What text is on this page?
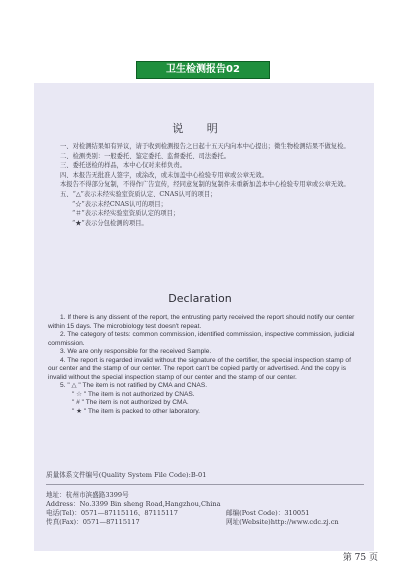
卫生检测报告02
说 明

一、对检测结果如有异议，请于收到检测报告之日起十五天内向本中心提出；微生物检测结果不做复检。

二、检测类别：一般委托、鉴定委托、监督委托、司法委托。

三、委托送检的样品，本中心仅对来样负责。

四、本报告无批准人签字，或涂改，或未加盖中心检验专用章或公章无效。

本报告不得部分复制，不得作广告宣传，经同意复制的复制件未重新加盖本中心检验专用章或公章无效。

五、“△”表示未经实验室资质认定、CNAS认可的项目；

“☆”表示未经CNAS认可的项目；

“＃”表示未经实验室资质认定的项目；

“★”表示分包检测的项目。

Declaration

1. If there is any dissent of the report, the entrusting party received the report should notify our center within 15 days. The microbiology test doesn't repeat.

2. The category of tests: common commission, identified commission, inspective commission, judicial commission.

3. We are only responsible for the received Sample.

4. The report is regarded invalid without the signature of the certifier, the special inspection stamp of our center and the stamp of our center. The report can't be copied partly or advertised. And the copy is invalid without the special inspection stamp of our center and the stamp of our center.

5. " △ " The item is not ratified by CMA and CNAS.

" ☆ " The item is not authorized by CNAS.

" # " The item is not authorized by CMA.

" ★ " The item is packed to other laboratory.

质量体系文件编号(Quality System File Code):B-01
地址：杭州市滨盛路3399号
Address：No.3399 Bin sheng Road,Hangzhou,China
电话(Tel)：0571—87115116、87115117	邮编(Post Code)：310051
传真(Fax)：0571—87115117	网址(Website)http://www.cdc.zj.cn
第 75 页
